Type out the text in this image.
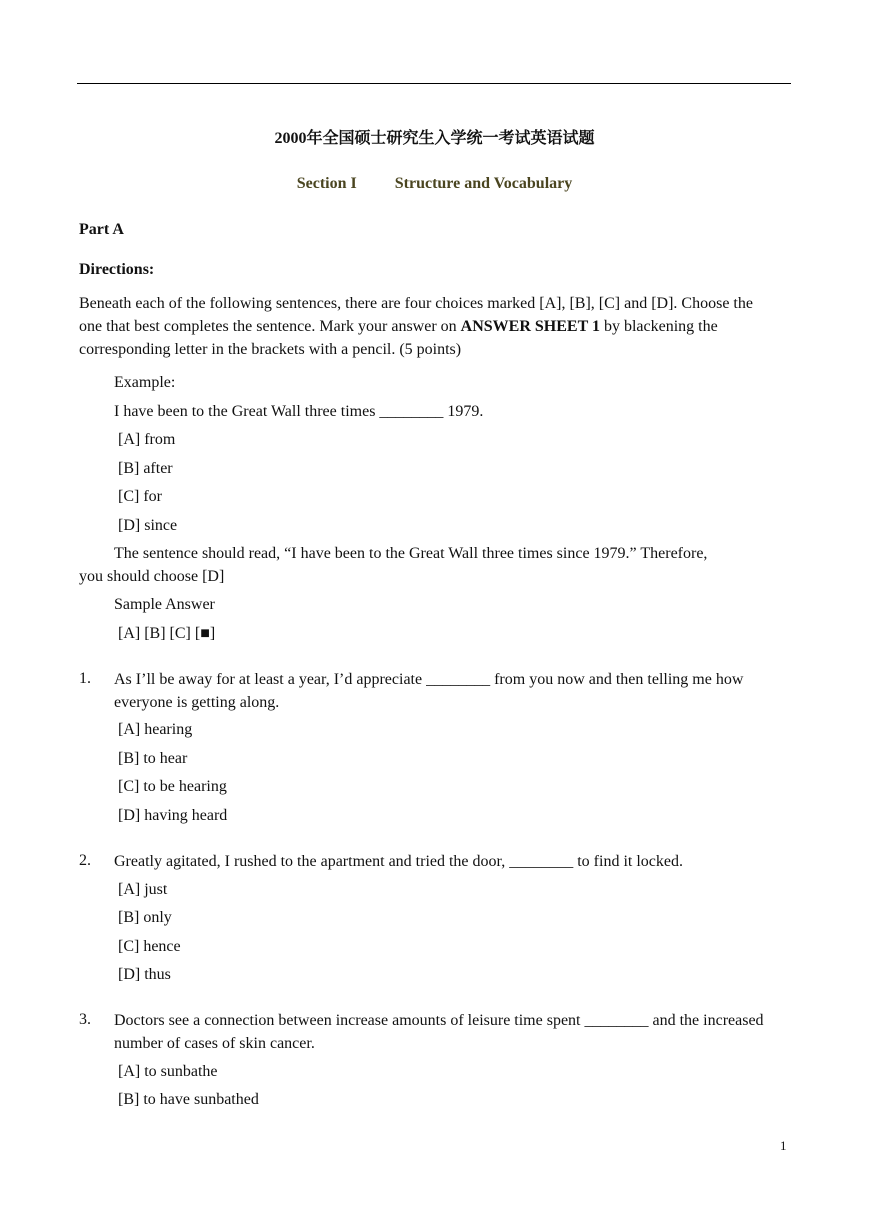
2000年全国硕士研究生入学统一考试英语试题
Section I Structure and Vocabulary
Part A
Directions:
Beneath each of the following sentences, there are four choices marked [A], [B], [C] and [D]. Choose the one that best completes the sentence. Mark your answer on ANSWER SHEET 1 by blackening the corresponding letter in the brackets with a pencil. (5 points)
Example:
I have been to the Great Wall three times ________ 1979.
[A] from
[B] after
[C] for
[D] since
The sentence should read, “I have been to the Great Wall three times since 1979.” Therefore,
you should choose [D]
Sample Answer
[A] [B] [C] [■]
1. As I’ll be away for at least a year, I’d appreciate ________ from you now and then telling me how everyone is getting along.
[A] hearing
[B] to hear
[C] to be hearing
[D] having heard
2. Greatly agitated, I rushed to the apartment and tried the door, ________ to find it locked.
[A] just
[B] only
[C] hence
[D] thus
3. Doctors see a connection between increase amounts of leisure time spent ________ and the increased number of cases of skin cancer.
[A] to sunbathe
[B] to have sunbathed
1
